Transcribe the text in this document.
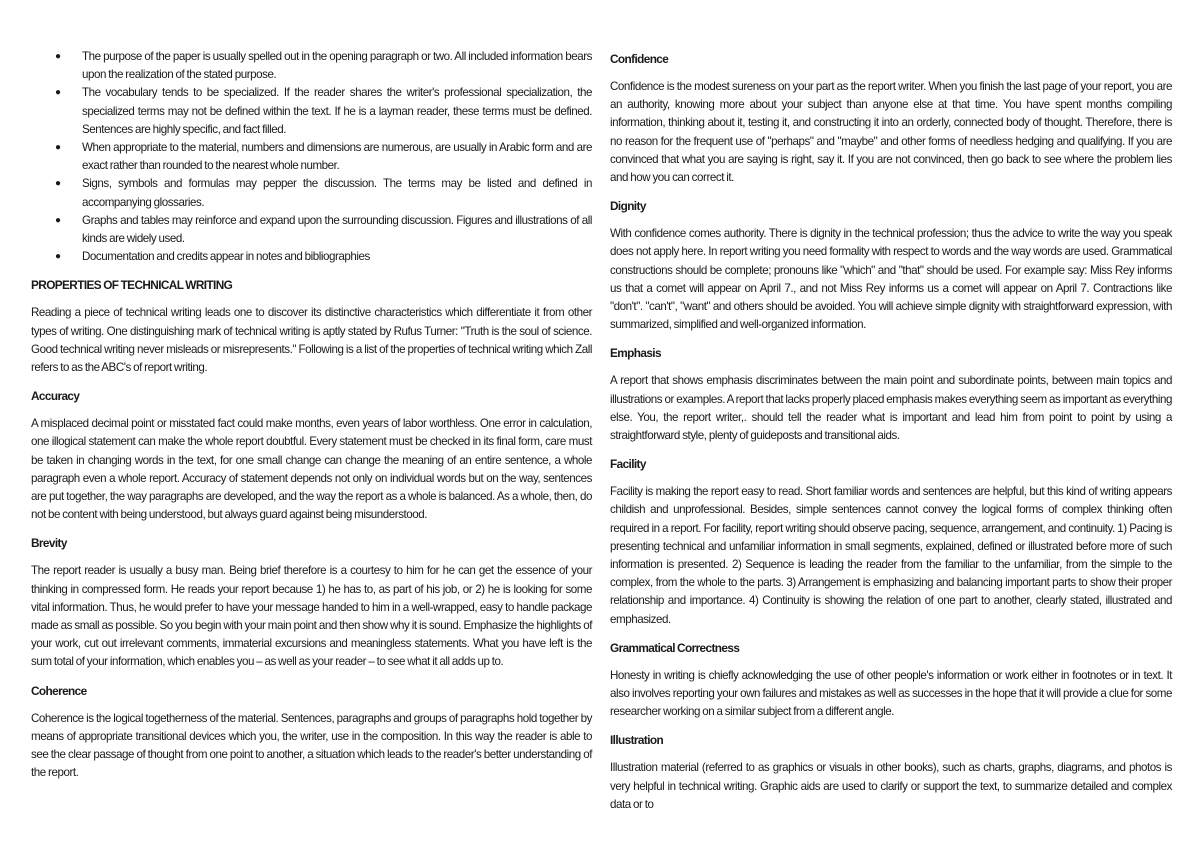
● The purpose of the paper is usually spelled out in the opening paragraph or two. All included information bears upon the realization of the stated purpose.
● The vocabulary tends to be specialized. If the reader shares the writer's professional specialization, the specialized terms may not be defined within the text. If he is a layman reader, these terms must be defined. Sentences are highly specific, and fact filled.
● When appropriate to the material, numbers and dimensions are numerous, are usually in Arabic form and are exact rather than rounded to the nearest whole number.
● Signs, symbols and formulas may pepper the discussion. The terms may be listed and defined in accompanying glossaries.
● Graphs and tables may reinforce and expand upon the surrounding discussion. Figures and illustrations of all kinds are widely used.
● Documentation and credits appear in notes and bibliographies
PROPERTIES OF TECHNICAL WRITING

Reading a piece of technical writing leads one to discover its distinctive characteristics which differentiate it from other types of writing. One distinguishing mark of technical writing is aptly stated by Rufus Turner: "Truth is the soul of science. Good technical writing never misleads or misrepresents." Following is a list of the properties of technical writing which Zall refers to as the ABC's of report writing.

Accuracy

A misplaced decimal point or misstated fact could make months, even years of labor worthless. One error in calculation, one illogical statement can make the whole report doubtful. Every statement must be checked in its final form, care must be taken in changing words in the text, for one small change can change the meaning of an entire sentence, a whole paragraph even a whole report. Accuracy of statement depends not only on individual words but on the way, sentences are put together, the way paragraphs are developed, and the way the report as a whole is balanced. As a whole, then, do not be content with being understood, but always guard against being misunderstood.

Brevity

The report reader is usually a busy man. Being brief therefore is a courtesy to him for he can get the essence of your thinking in compressed form. He reads your report because 1) he has to, as part of his job, or 2) he is looking for some vital information. Thus, he would prefer to have your message handed to him in a well-wrapped, easy to handle package made as small as possible. So you begin with your main point and then show why it is sound. Emphasize the highlights of your work, cut out irrelevant comments, immaterial excursions and meaningless statements. What you have left is the sum total of your information, which enables you – as well as your reader – to see what it all adds up to.

Coherence

Coherence is the logical togetherness of the material. Sentences, paragraphs and groups of paragraphs hold together by means of appropriate transitional devices which you, the writer, use in the composition. In this way the reader is able to see the clear passage of thought from one point to another, a situation which leads to the reader's better understanding of the report.

Confidence

Confidence is the modest sureness on your part as the report writer. When you finish the last page of your report, you are an authority, knowing more about your subject than anyone else at that time. You have spent months compiling information, thinking about it, testing it, and constructing it into an orderly, connected body of thought. Therefore, there is no reason for the frequent use of "perhaps" and "maybe" and other forms of needless hedging and qualifying. If you are convinced that what you are saying is right, say it. If you are not convinced, then go back to see where the problem lies and how you can correct it.

Dignity

With confidence comes authority. There is dignity in the technical profession; thus the advice to write the way you speak does not apply here. In report writing you need formality with respect to words and the way words are used. Grammatical constructions should be complete; pronouns like "which" and "that" should be used. For example say: Miss Rey informs us that a comet will appear on April 7., and not Miss Rey informs us a comet will appear on April 7. Contractions like "don't". "can't", "want" and others should be avoided. You will achieve simple dignity with straightforward expression, with summarized, simplified and well-organized information.

Emphasis

A report that shows emphasis discriminates between the main point and subordinate points, between main topics and illustrations or examples. A report that lacks properly placed emphasis makes everything seem as important as everything else. You, the report writer,. should tell the reader what is important and lead him from point to point by using a straightforward style, plenty of guideposts and transitional aids.

Facility

Facility is making the report easy to read. Short familiar words and sentences are helpful, but this kind of writing appears childish and unprofessional. Besides, simple sentences cannot convey the logical forms of complex thinking often required in a report. For facility, report writing should observe pacing, sequence, arrangement, and continuity. 1) Pacing is presenting technical and unfamiliar information in small segments, explained, defined or illustrated before more of such information is presented. 2) Sequence is leading the reader from the familiar to the unfamiliar, from the simple to the complex, from the whole to the parts. 3) Arrangement is emphasizing and balancing important parts to show their proper relationship and importance. 4) Continuity is showing the relation of one part to another, clearly stated, illustrated and emphasized.

Grammatical Correctness

Honesty in writing is chiefly acknowledging the use of other people's information or work either in footnotes or in text. It also involves reporting your own failures and mistakes as well as successes in the hope that it will provide a clue for some researcher working on a similar subject from a different angle.

Illustration

Illustration material (referred to as graphics or visuals in other books), such as charts, graphs, diagrams, and photos is very helpful in technical writing. Graphic aids are used to clarify or support the text, to summarize detailed and complex data or to
